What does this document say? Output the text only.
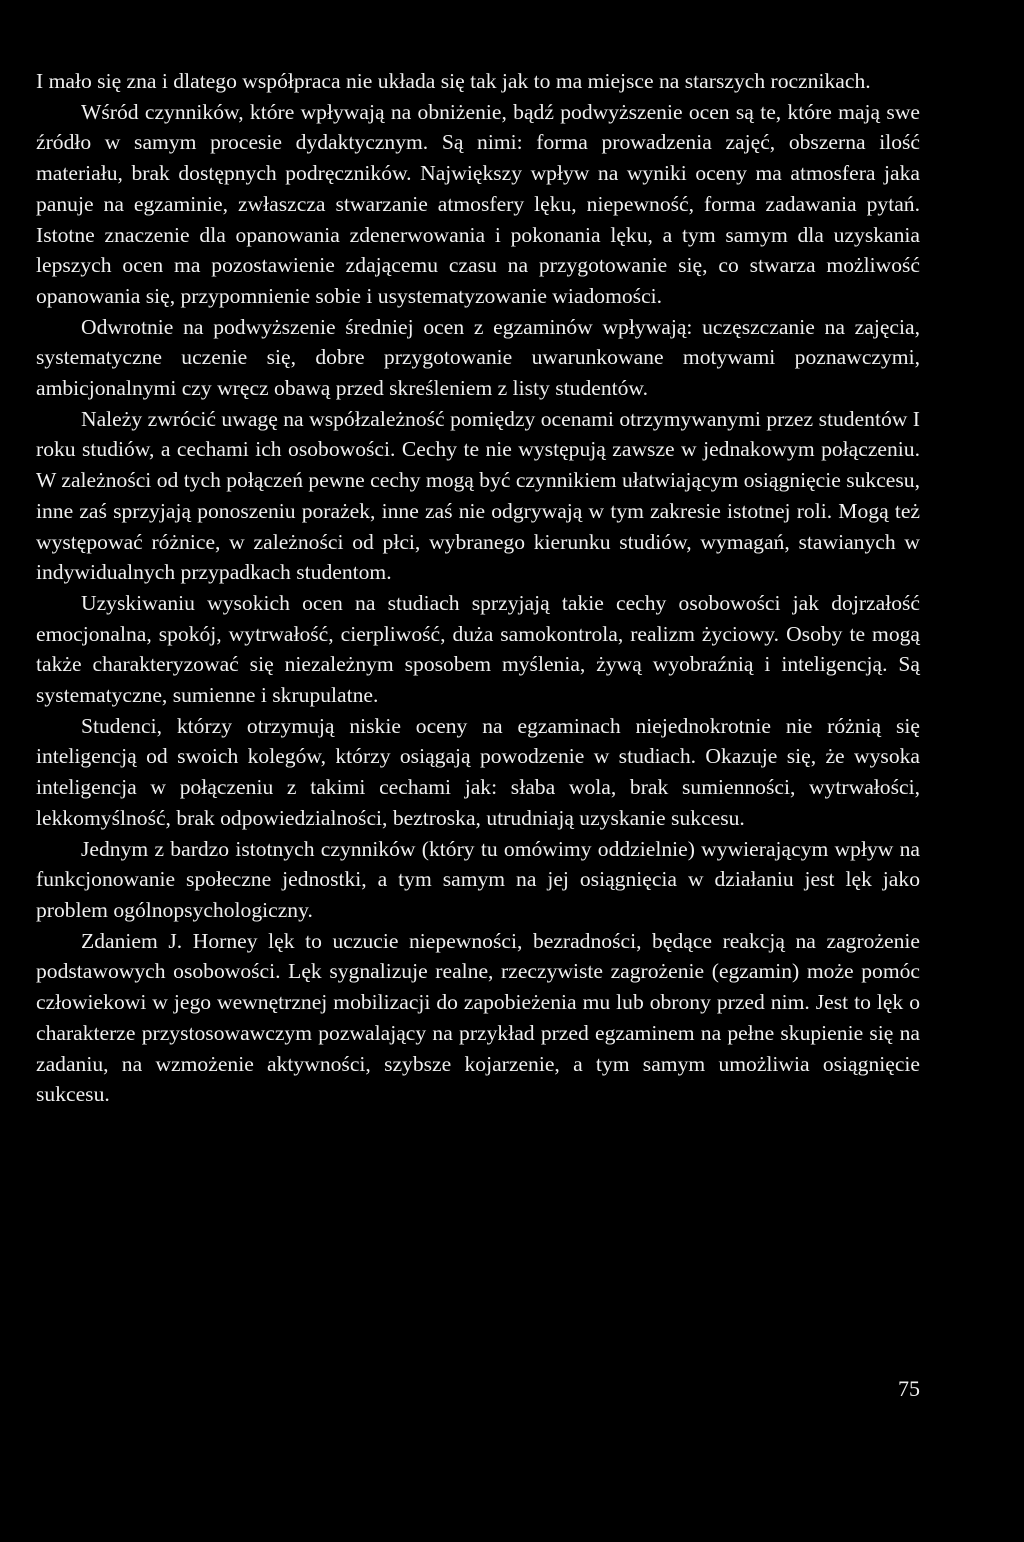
I mało się zna i dlatego współpraca nie układa się tak jak to ma miejsce na starszych rocznikach.

Wśród czynników, które wpływają na obniżenie, bądź podwyższenie ocen są te, które mają swe źródło w samym procesie dydaktycznym. Są nimi: forma prowadzenia zajęć, obszerna ilość materiału, brak dostępnych podręczników. Największy wpływ na wyniki oceny ma atmosfera jaka panuje na egzaminie, zwłaszcza stwarzanie atmosfery lęku, niepewność, forma zadawania pytań. Istotne znaczenie dla opanowania zdenerwowania i pokonania lęku, a tym samym dla uzyskania lepszych ocen ma pozostawienie zdającemu czasu na przygotowanie się, co stwarza możliwość opanowania się, przypomnienie sobie i usystematyzowanie wiadomości.

Odwrotnie na podwyższenie średniej ocen z egzaminów wpływają: uczęszczanie na zajęcia, systematyczne uczenie się, dobre przygotowanie uwarunkowane motywami poznawczymi, ambicjonalnymi czy wręcz obawą przed skreśleniem z listy studentów.

Należy zwrócić uwagę na współzależność pomiędzy ocenami otrzymywanymi przez studentów I roku studiów, a cechami ich osobowości. Cechy te nie występują zawsze w jednakowym połączeniu. W zależności od tych połączeń pewne cechy mogą być czynnikiem ułatwiającym osiągnięcie sukcesu, inne zaś sprzyjają ponoszeniu porażek, inne zaś nie odgrywają w tym zakresie istotnej roli. Mogą też występować różnice, w zależności od płci, wybranego kierunku studiów, wymagań, stawianych w indywidualnych przypadkach studentom.

Uzyskiwaniu wysokich ocen na studiach sprzyjają takie cechy osobowości jak dojrzałość emocjonalna, spokój, wytrwałość, cierpliwość, duża samokontrola, realizm życiowy. Osoby te mogą także charakteryzować się niezależnym sposobem myślenia, żywą wyobraźnią i inteligencją. Są systematyczne, sumienne i skrupulatne.

Studenci, którzy otrzymują niskie oceny na egzaminach niejednokrotnie nie różnią się inteligencją od swoich kolegów, którzy osiągają powodzenie w studiach. Okazuje się, że wysoka inteligencja w połączeniu z takimi cechami jak: słaba wola, brak sumienności, wytrwałości, lekkomyślność, brak odpowiedzialności, beztroska, utrudniają uzyskanie sukcesu.

Jednym z bardzo istotnych czynników (który tu omówimy oddzielnie) wywierającym wpływ na funkcjonowanie społeczne jednostki, a tym samym na jej osiągnięcia w działaniu jest lęk jako problem ogólnopsychologiczny.

Zdaniem J. Horney lęk to uczucie niepewności, bezradności, będące reakcją na zagrożenie podstawowych osobowości. Lęk sygnalizuje realne, rzeczywiste zagrożenie (egzamin) może pomóc człowiekowi w jego wewnętrznej mobilizacji do zapobieżenia mu lub obrony przed nim. Jest to lęk o charakterze przystosowawczym pozwalający na przykład przed egzaminem na pełne skupienie się na zadaniu, na wzmożenie aktywności, szybsze kojarzenie, a tym samym umożliwia osiągnięcie sukcesu.

75
